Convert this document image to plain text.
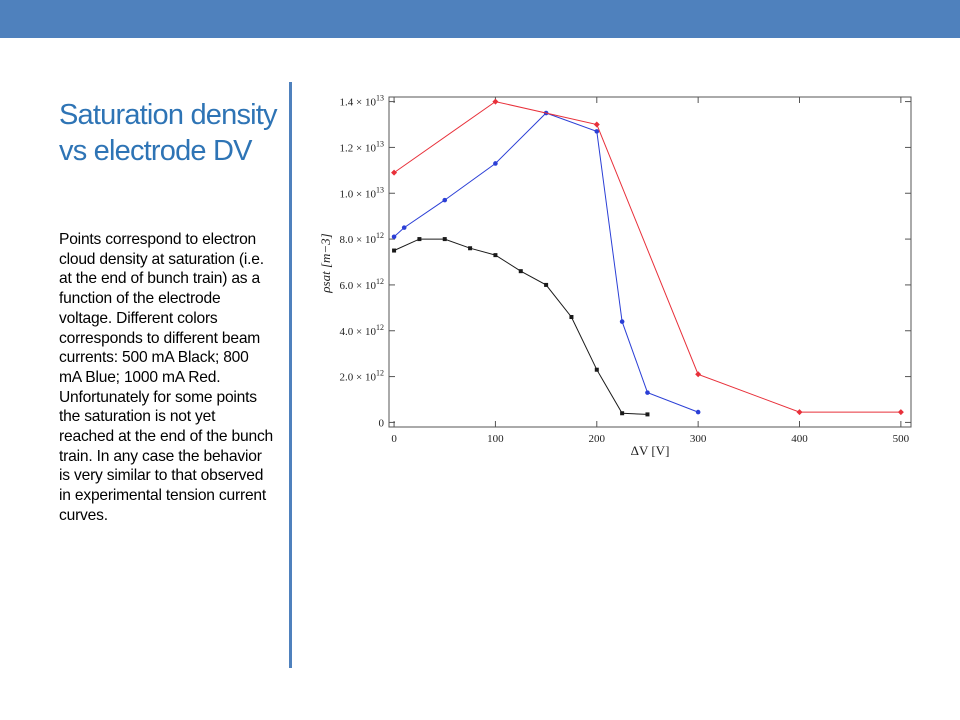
Saturation density vs electrode DV

Points correspond to electron cloud density at saturation (i.e. at the end of bunch train) as a function of the electrode voltage. Different colors corresponds to different beam currents: 500 mA Black; 800 mA Blue; 1000 mA Red. Unfortunately for some points the saturation is not yet reached at the end of the bunch train. In any case the behavior is very similar to that observed in experimental tension current curves.

0	100	200	300	400	500
0
$2.0 \times 10^{12}$
$4.0 \times 10^{12}$
$6.0 \times 10^{12}$
$8.0 \times 10^{12}$
$1.0 \times 10^{13}$
$1.2 \times 10^{13}$
$1.4 \times 10^{13}$
ΔV [V]
ρsat [m−3]
